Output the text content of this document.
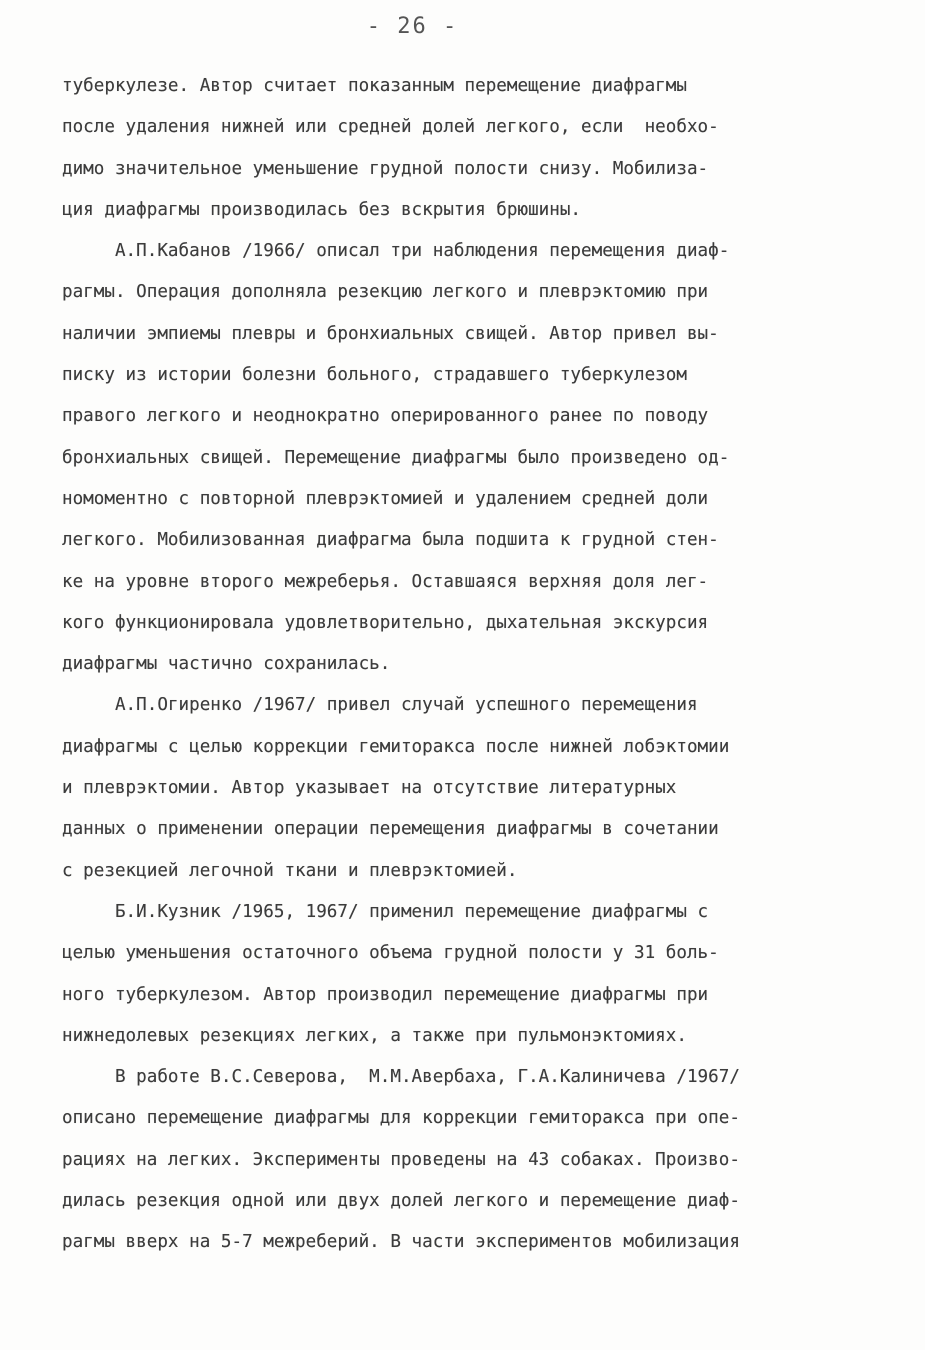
- 26 -
туберкулезе. Автор считает показанным перемещение диафрагмы
после удаления нижней или средней долей легкого, если  необхо-
димо значительное уменьшение грудной полости снизу. Мобилиза-
ция диафрагмы производилась без вскрытия брюшины.
А.П.Кабанов /1966/ описал три наблюдения перемещения диаф-
рагмы. Операция дополняла резекцию легкого и плеврэктомию при
наличии эмпиемы плевры и бронхиальных свищей. Автор привел вы-
писку из истории болезни больного, страдавшего туберкулезом
правого легкого и неоднократно оперированного ранее по поводу
бронхиальных свищей. Перемещение диафрагмы было произведено од-
номоментно с повторной плеврэктомией и удалением средней доли
легкого. Мобилизованная диафрагма была подшита к грудной стен-
ке на уровне второго межреберья. Оставшаяся верхняя доля лег-
кого функционировала удовлетворительно, дыхательная экскурсия
диафрагмы частично сохранилась.
А.П.Огиренко /1967/ привел случай успешного перемещения
диафрагмы с целью коррекции гемиторакса после нижней лобэктомии
и плеврэктомии. Автор указывает на отсутствие литературных
данных о применении операции перемещения диафрагмы в сочетании
с резекцией легочной ткани и плеврэктомией.
Б.И.Кузник /1965, 1967/ применил перемещение диафрагмы с
целью уменьшения остаточного объема грудной полости у 31 боль-
ного туберкулезом. Автор производил перемещение диафрагмы при
нижнедолевых резекциях легких, а также при пульмонэктомиях.
В работе В.С.Северова,  М.М.Авербаха, Г.А.Калиничева /1967/
описано перемещение диафрагмы для коррекции гемиторакса при опе-
рациях на легких. Эксперименты проведены на 43 собаках. Произво-
дилась резекция одной или двух долей легкого и перемещение диаф-
рагмы вверх на 5-7 межреберий. В части экспериментов мобилизация
